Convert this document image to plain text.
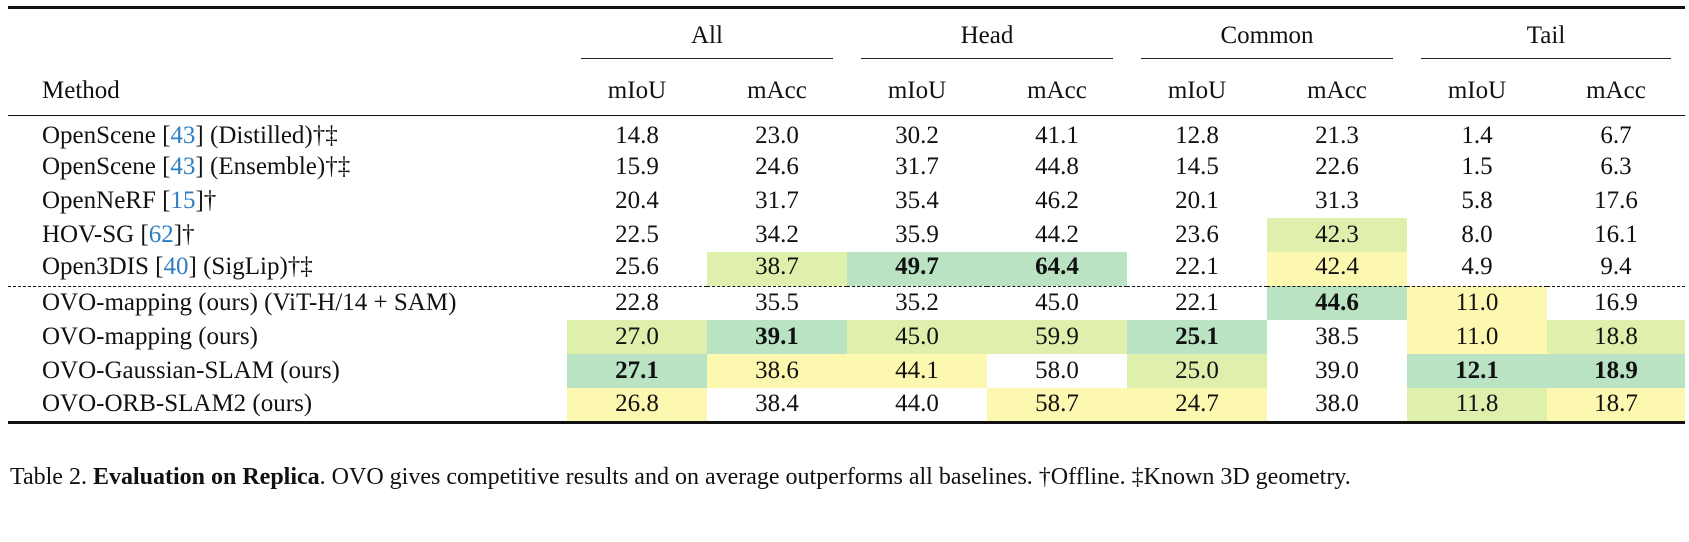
	All		Head		Common		Tail	

Method	mIoU	mAcc	mIoU	mAcc	mIoU	mAcc	mIoU	mAcc
OpenScene [43] (Distilled)†‡	14.8	23.0	30.2	41.1	12.8	21.3	1.4	6.7
OpenScene [43] (Ensemble)†‡	15.9	24.6	31.7	44.8	14.5	22.6	1.5	6.3
OpenNeRF [15]†	20.4	31.7	35.4	46.2	20.1	31.3	5.8	17.6
HOV-SG [62]†	22.5	34.2	35.9	44.2	23.6	42.3	8.0	16.1
Open3DIS [40] (SigLip)†‡	25.6	38.7	49.7	64.4	22.1	42.4	4.9	9.4
OVO-mapping (ours) (ViT-H/14 + SAM)	22.8	35.5	35.2	45.0	22.1	44.6	11.0	16.9
OVO-mapping (ours)	27.0	39.1	45.0	59.9	25.1	38.5	11.0	18.8
OVO-Gaussian-SLAM (ours)	27.1	38.6	44.1	58.0	25.0	39.0	12.1	18.9
OVO-ORB-SLAM2 (ours)	26.8	38.4	44.0	58.7	24.7	38.0	11.8	18.7
Table 2. Evaluation on Replica. OVO gives competitive results and on average outperforms all baselines. †Offline. ‡Known 3D geometry.
